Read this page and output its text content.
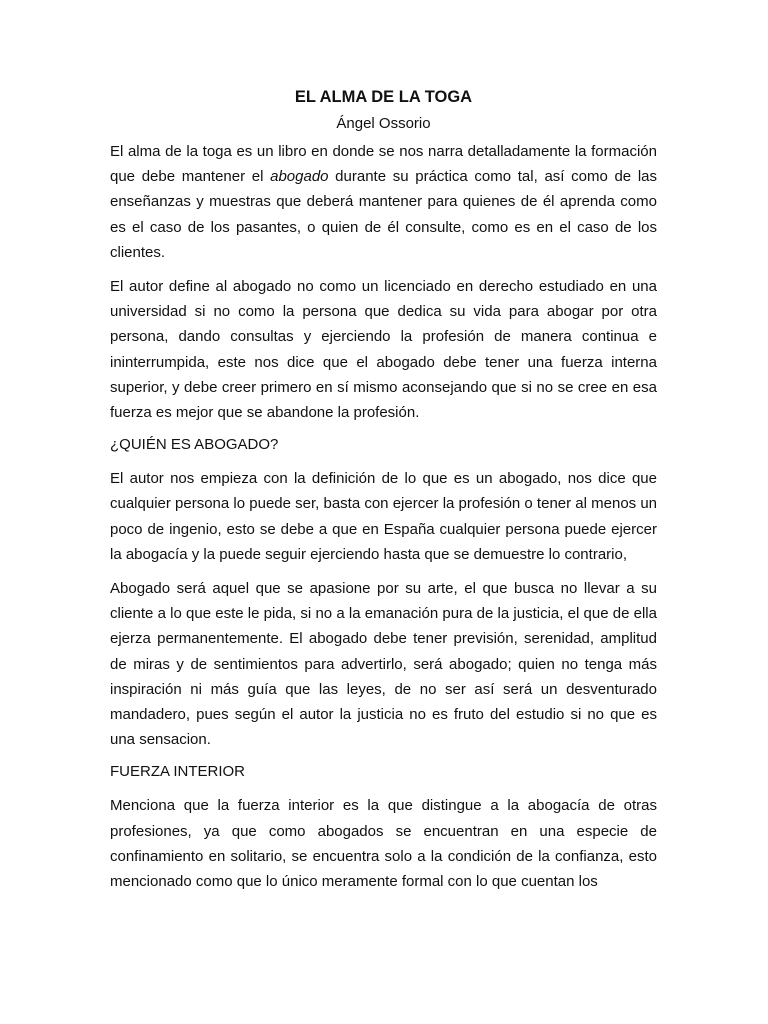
EL ALMA DE LA TOGA
Ángel Ossorio

El alma de la toga es un libro en donde se nos narra detalladamente la formación que debe mantener el abogado durante su práctica como tal, así como de las enseñanzas y muestras que deberá mantener para quienes de él aprenda como es el caso de los pasantes, o quien de él consulte, como es en el caso de los clientes.

El autor define al abogado no como un licenciado en derecho estudiado en una universidad si no como la persona que dedica su vida para abogar por otra persona, dando consultas y ejerciendo la profesión de manera continua e ininterrumpida, este nos dice que el abogado debe tener una fuerza interna superior, y debe creer primero en sí mismo aconsejando que si no se cree en esa fuerza es mejor que se abandone la profesión.

¿QUIÉN ES ABOGADO?

El autor nos empieza con la definición de lo que es un abogado, nos dice que cualquier persona lo puede ser, basta con ejercer la profesión o tener al menos un poco de ingenio, esto se debe a que en España cualquier persona puede ejercer la abogacía y la puede seguir ejerciendo hasta que se demuestre lo contrario,

Abogado será aquel que se apasione por su arte, el que busca no llevar a su cliente a lo que este le pida, si no a la emanación pura de la justicia, el que de ella ejerza permanentemente. El abogado debe tener previsión, serenidad, amplitud de miras y de sentimientos para advertirlo, será abogado; quien no tenga más inspiración ni más guía que las leyes, de no ser así será un desventurado mandadero, pues según el autor la justicia no es fruto del estudio si no que es una sensacion.

FUERZA INTERIOR

Menciona que la fuerza interior es la que distingue a la abogacía de otras profesiones, ya que como abogados se encuentran en una especie de confinamiento en solitario, se encuentra solo a la condición de la confianza, esto mencionado como que lo único meramente formal con lo que cuentan los
